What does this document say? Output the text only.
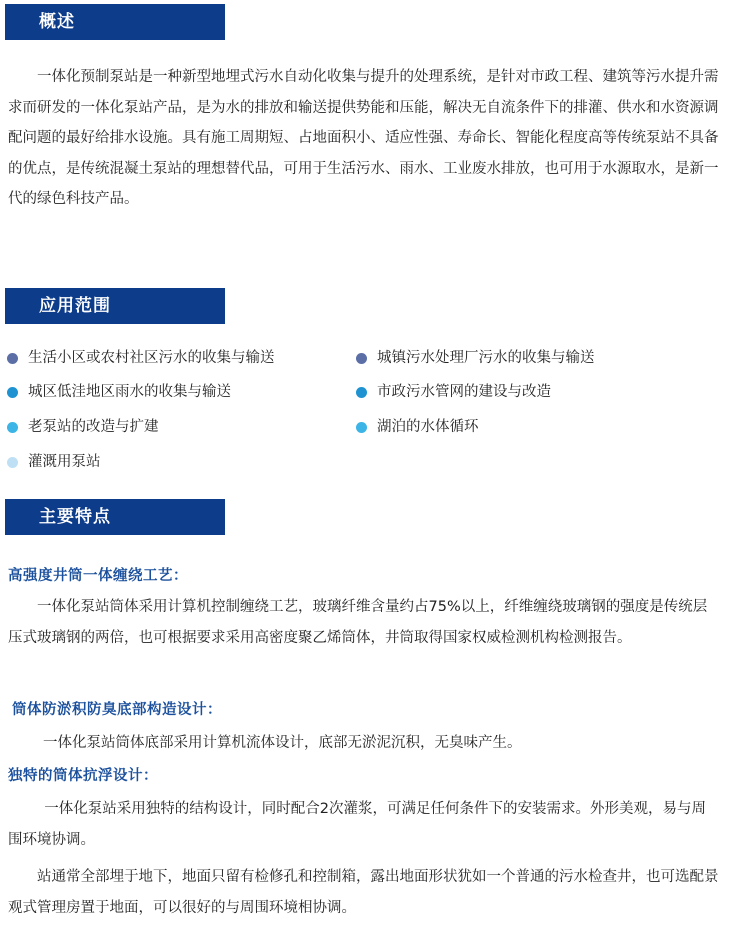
概述

一体化预制泵站是一种新型地埋式污水自动化收集与提升的处理系统，是针对市政工程、建筑等污水提升需求而研发的一体化泵站产品，是为水的排放和输送提供势能和压能，解决无自流条件下的排灌、供水和水资源调配问题的最好给排水设施。具有施工周期短、占地面积小、适应性强、寿命长、智能化程度高等传统泵站不具备的优点，是传统混凝土泵站的理想替代品，可用于生活污水、雨水、工业废水排放，也可用于水源取水，是新一代的绿色科技产品。

应用范围
生活小区或农村社区污水的收集与输送	城镇污水处理厂污水的收集与输送
城区低洼地区雨水的收集与输送	市政污水管网的建设与改造
老泵站的改造与扩建	湖泊的水体循环
灌溉用泵站
主要特点
高强度井筒一体缠绕工艺：

一体化泵站筒体采用计算机控制缠绕工艺，玻璃纤维含量约占75%以上，纤维缠绕玻璃钢的强度是传统层压式玻璃钢的两倍，也可根据要求采用高密度聚乙烯筒体，井筒取得国家权威检测机构检测报告。

筒体防淤积防臭底部构造设计：

一体化泵站筒体底部采用计算机流体设计，底部无淤泥沉积，无臭味产生。

独特的筒体抗浮设计：

一体化泵站采用独特的结构设计，同时配合2次灌浆，可满足任何条件下的安装需求。外形美观，易与周围环境协调。

站通常全部埋于地下，地面只留有检修孔和控制箱，露出地面形状犹如一个普通的污水检查井，也可选配景观式管理房置于地面，可以很好的与周围环境相协调。
